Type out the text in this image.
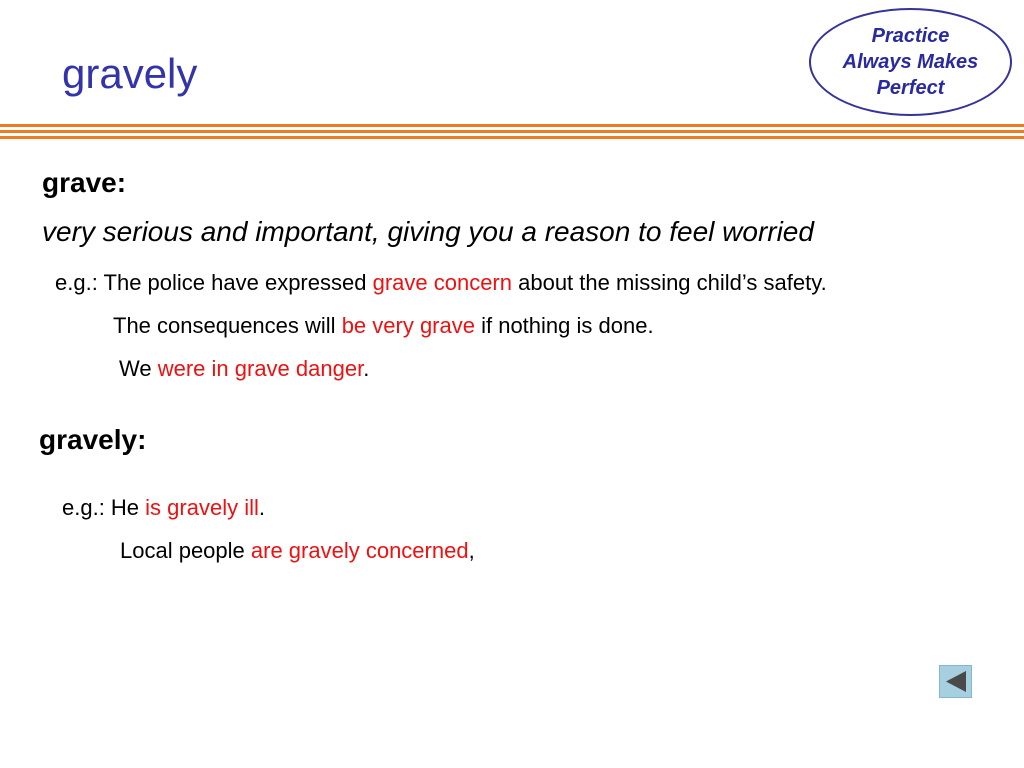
gravely
Practice
Always Makes
Perfect
grave:
very serious and important, giving you a reason to feel worried
e.g.: The police have expressed grave concern about the missing child’s safety.
The consequences will be very grave if nothing is done.
We were in grave danger.
gravely:
e.g.: He is gravely ill.
Local people are gravely concerned,
